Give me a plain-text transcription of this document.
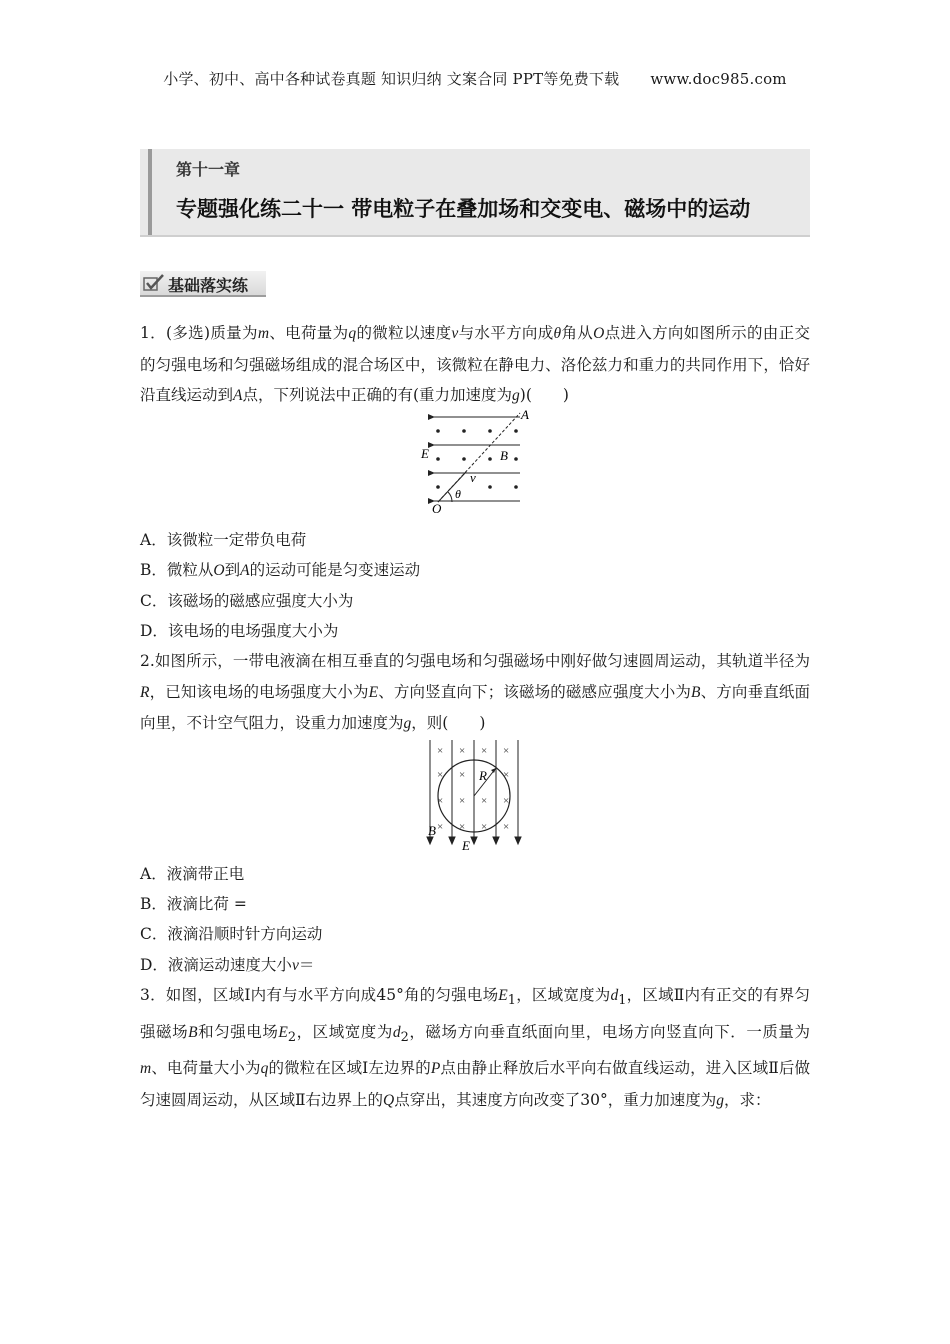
小学、初中、高中各种试卷真题 知识归纳 文案合同 PPT等免费下载 www.doc985.com
第十一章
专题强化练二十一 带电粒子在叠加场和交变电、磁场中的运动
基础落实练
1．(多选)质量为m、电荷量为q的微粒以速度v与水平方向成θ角从O点进入方向如图所示的由正交的匀强电场和匀强磁场组成的混合场区中，该微粒在静电力、洛伦兹力和重力的共同作用下，恰好沿直线运动到A点，下列说法中正确的有(重力加速度为g)(　　)
A
E	B
v
θ
O
A．该微粒一定带负电荷
B．微粒从O到A的运动可能是匀变速运动
C．该磁场的磁感应强度大小为
D．该电场的电场强度大小为
2.如图所示，一带电液滴在相互垂直的匀强电场和匀强磁场中刚好做匀速圆周运动，其轨道半径为R，已知该电场的电场强度大小为E、方向竖直向下；该磁场的磁感应强度大小为B、方向垂直纸面向里，不计空气阻力，设重力加速度为g，则(　　)
× × × ×
× ×	×
× × × ×
× × × ×
R
B
E
A．液滴带正电
B．液滴比荷 =
C．液滴沿顺时针方向运动
D．液滴运动速度大小v＝
3．如图，区域Ⅰ内有与水平方向成45°角的匀强电场$E_1$，区域宽度为$d_1$，区域Ⅱ内有正交的有界匀强磁场B和匀强电场$E_2$，区域宽度为$d_2$，磁场方向垂直纸面向里，电场方向竖直向下．一质量为m、电荷量大小为q的微粒在区域Ⅰ左边界的P点由静止释放后水平向右做直线运动，进入区域Ⅱ后做匀速圆周运动，从区域Ⅱ右边界上的Q点穿出，其速度方向改变了30°，重力加速度为g，求：
